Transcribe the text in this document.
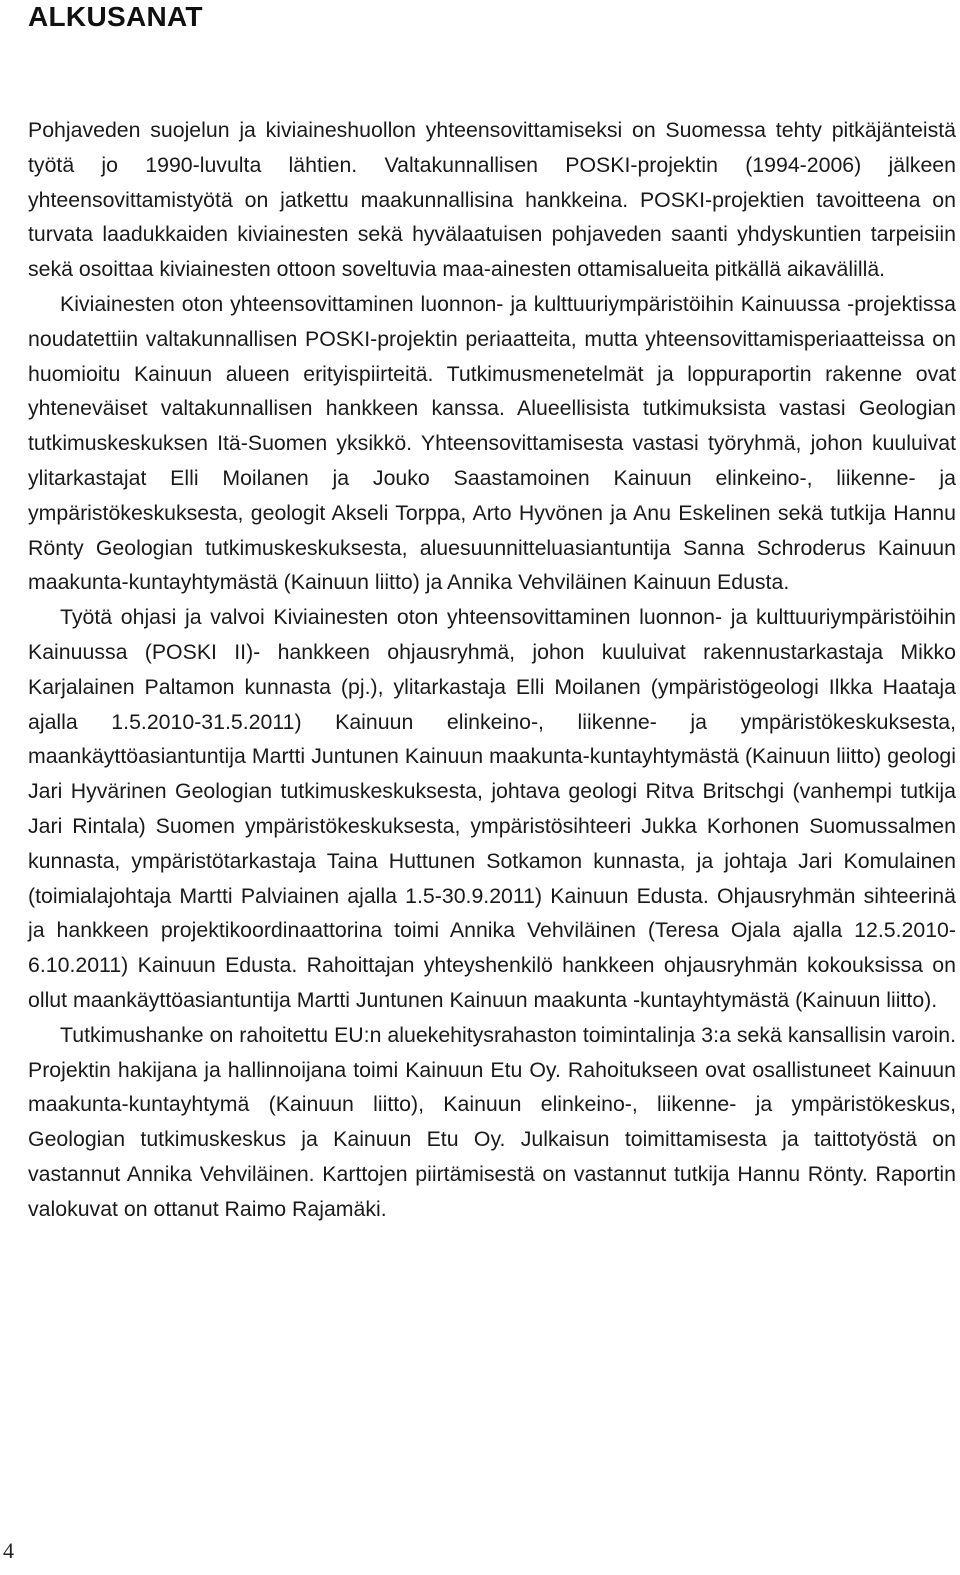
ALKUSANAT

Pohjaveden suojelun ja kiviaineshuollon yhteensovittamiseksi on Suomessa tehty pitkäjänteistä työtä jo 1990-luvulta lähtien. Valtakunnallisen POSKI-projektin (1994-2006) jälkeen yhteensovittamistyötä on jatkettu maakunnallisina hankkeina. POSKI-projektien tavoitteena on turvata laadukkaiden kiviainesten sekä hyvälaatuisen pohjaveden saanti yhdyskuntien tarpeisiin sekä osoittaa kiviainesten ottoon soveltuvia maa-ainesten ottamisalueita pitkällä aikavälillä.

Kiviainesten oton yhteensovittaminen luonnon- ja kulttuuriympäristöihin Kainuussa -projektissa noudatettiin valtakunnallisen POSKI-projektin periaatteita, mutta yhteensovittamisperiaatteissa on huomioitu Kainuun alueen erityispiirteitä. Tutkimusmenetelmät ja loppuraportin rakenne ovat yhteneväiset valtakunnallisen hankkeen kanssa. Alueellisista tutkimuksista vastasi Geologian tutkimuskeskuksen Itä-Suomen yksikkö. Yhteensovittamisesta vastasi työryhmä, johon kuuluivat ylitarkastajat Elli Moilanen ja Jouko Saastamoinen Kainuun elinkeino-, liikenne- ja ympäristökeskuksesta, geologit Akseli Torppa, Arto Hyvönen ja Anu Eskelinen sekä tutkija Hannu Rönty Geologian tutkimuskeskuksesta, aluesuunnitteluasiantuntija Sanna Schroderus Kainuun maakunta-kuntayhtymästä (Kainuun liitto) ja Annika Vehviläinen Kainuun Edusta.

Työtä ohjasi ja valvoi Kiviainesten oton yhteensovittaminen luonnon- ja kulttuuriympäristöihin Kainuussa (POSKI II)- hankkeen ohjausryhmä, johon kuuluivat rakennustarkastaja Mikko Karjalainen Paltamon kunnasta (pj.), ylitarkastaja Elli Moilanen (ympäristögeologi Ilkka Haataja ajalla 1.5.2010-31.5.2011) Kainuun elinkeino-, liikenne- ja ympäristökeskuksesta, maankäyttöasiantuntija Martti Juntunen Kainuun maakunta-kuntayhtymästä (Kainuun liitto) geologi Jari Hyvärinen Geologian tutkimuskeskuksesta, johtava geologi Ritva Britschgi (vanhempi tutkija Jari Rintala) Suomen ympäristökeskuksesta, ympäristösihteeri Jukka Korhonen Suomussalmen kunnasta, ympäristötarkastaja Taina Huttunen Sotkamon kunnasta, ja johtaja Jari Komulainen (toimialajohtaja Martti Palviainen ajalla 1.5-30.9.2011) Kainuun Edusta. Ohjausryhmän sihteerinä ja hankkeen projektikoordinaattorina toimi Annika Vehviläinen (Teresa Ojala ajalla 12.5.2010-6.10.2011) Kainuun Edusta. Rahoittajan yhteyshenkilö hankkeen ohjausryhmän kokouksissa on ollut maankäyttöasiantuntija Martti Juntunen Kainuun maakunta -kuntayhtymästä (Kainuun liitto).

Tutkimushanke on rahoitettu EU:n aluekehitysrahaston toimintalinja 3:a sekä kansallisin varoin. Projektin hakijana ja hallinnoijana toimi Kainuun Etu Oy. Rahoitukseen ovat osallistuneet Kainuun maakunta-kuntayhtymä (Kainuun liitto), Kainuun elinkeino-, liikenne- ja ympäristökeskus, Geologian tutkimuskeskus ja Kainuun Etu Oy. Julkaisun toimittamisesta ja taittotyöstä on vastannut Annika Vehviläinen. Karttojen piirtämisestä on vastannut tutkija Hannu Rönty. Raportin valokuvat on ottanut Raimo Rajamäki.

4
